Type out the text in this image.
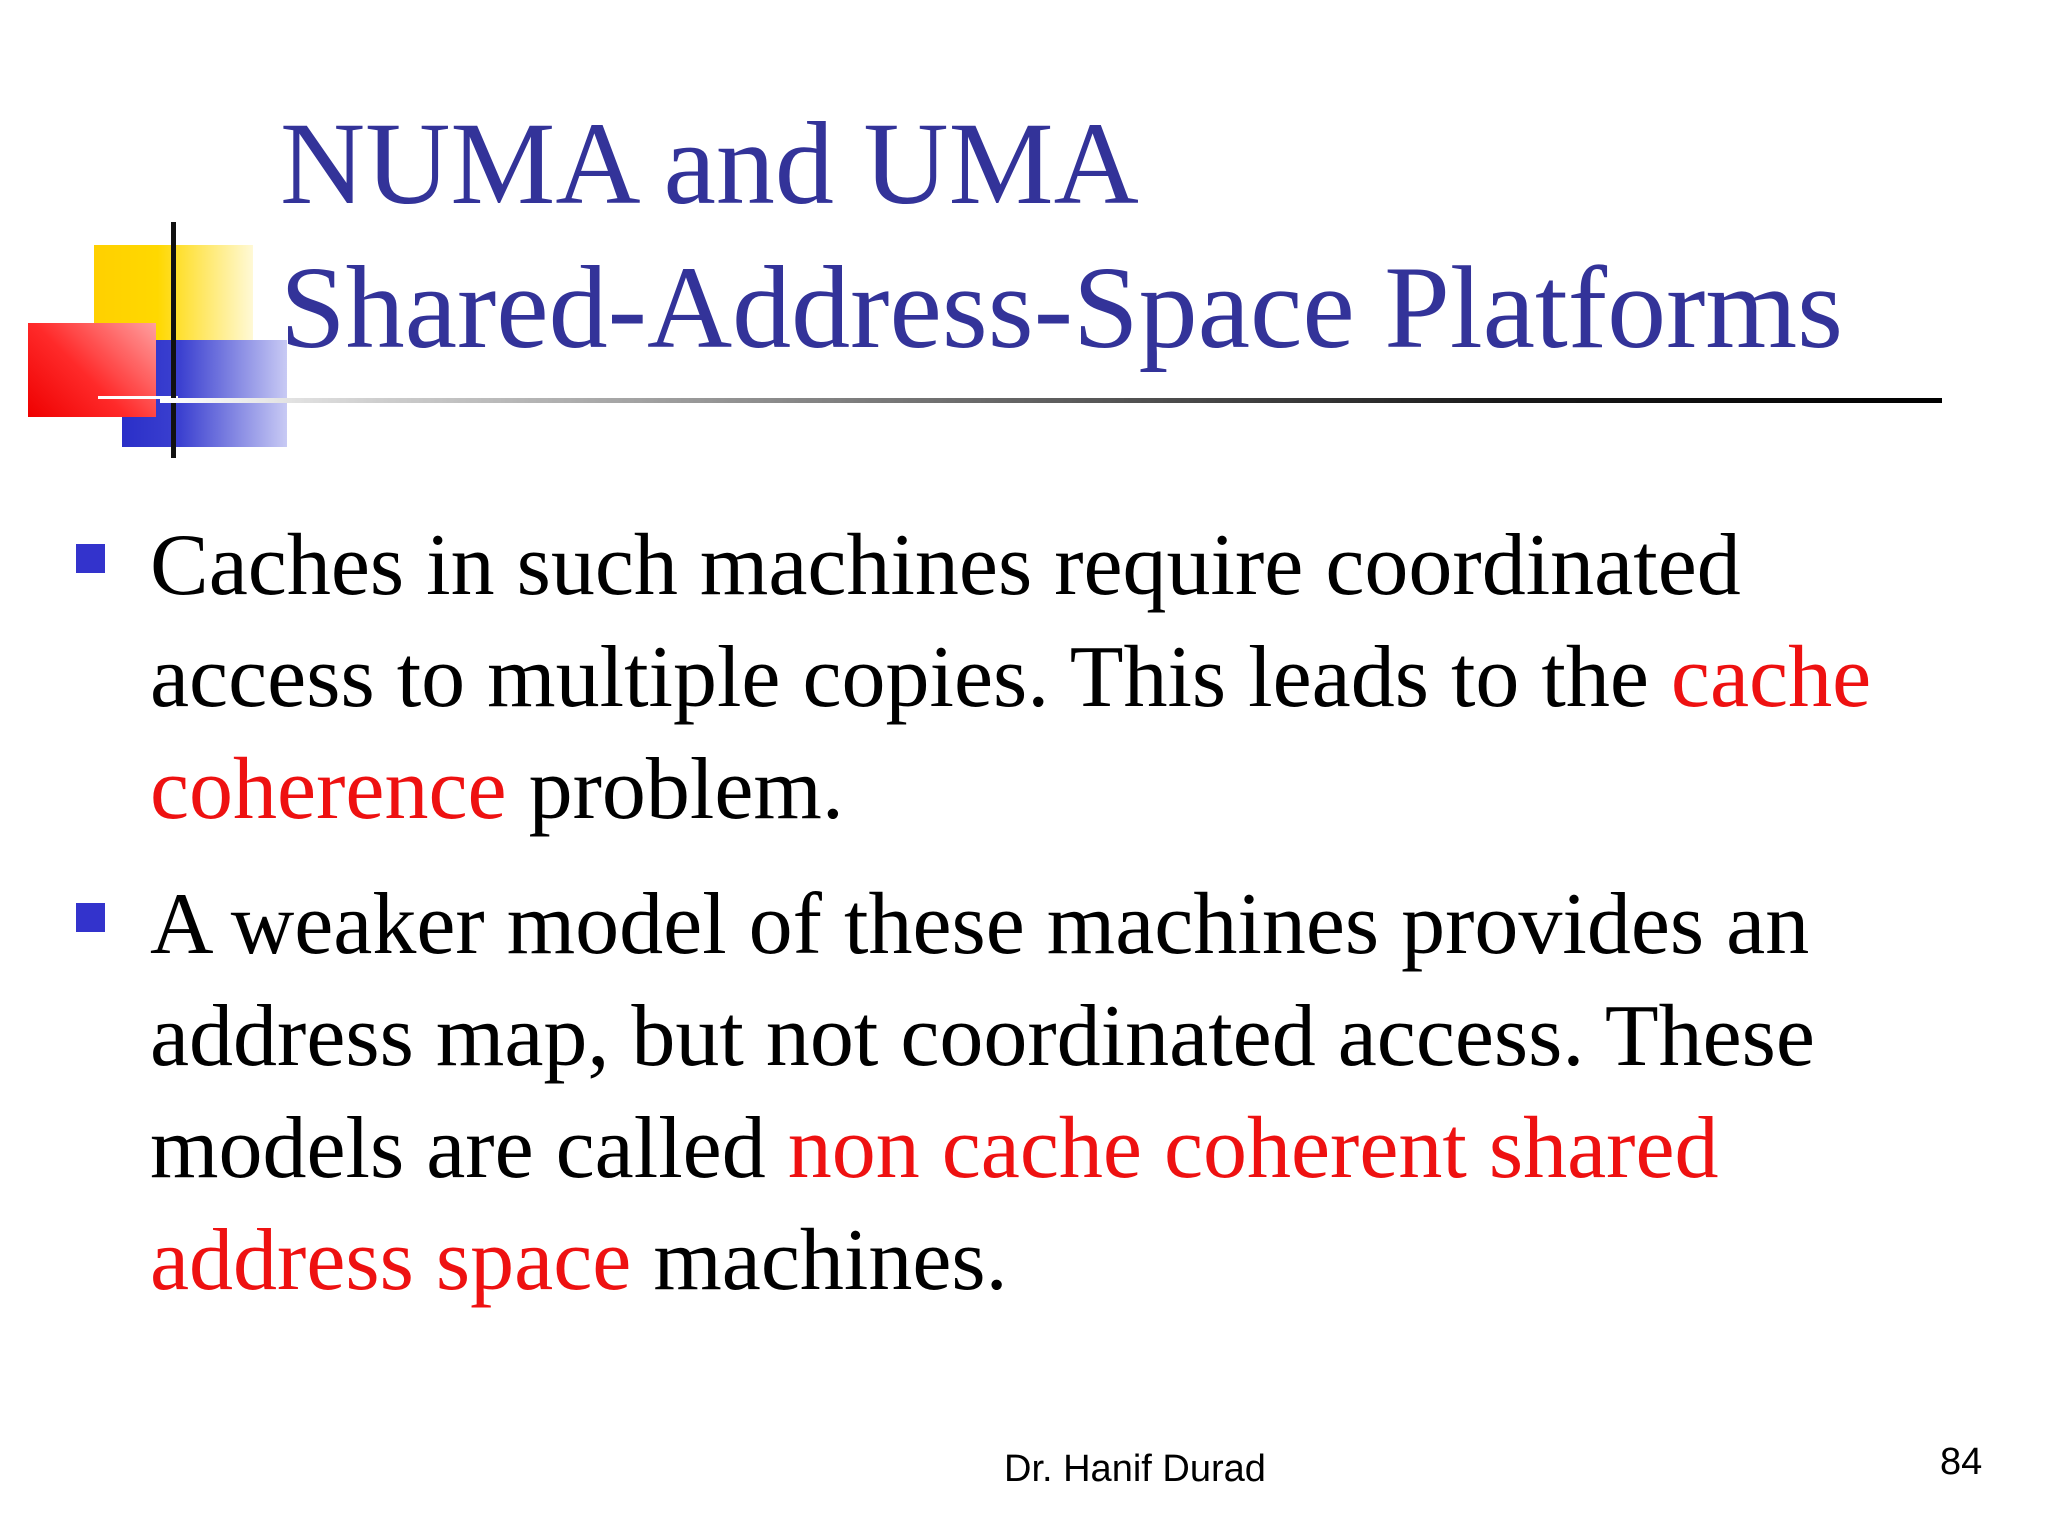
NUMA and UMA
Shared-Address-Space Platforms
Caches in such machines require coordinated access to multiple copies. This leads to the cache coherence problem.
A weaker model of these machines provides an address map, but not coordinated access. These models are called non cache coherent shared address space machines.
Dr. Hanif Durad	84
